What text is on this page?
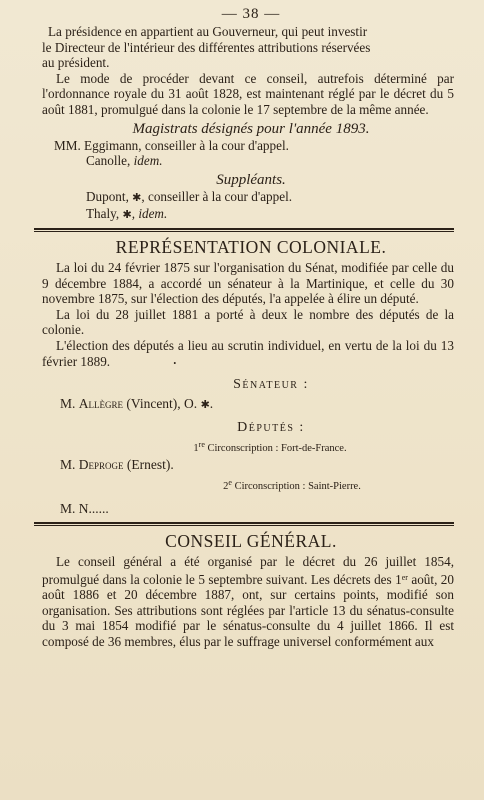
— 38 —

La présidence en appartient au Gouverneur, qui peut investir

le Directeur de l'intérieur des différentes attributions réservées

au président.

Le mode de procéder devant ce conseil, autrefois déterminé par l'ordonnance royale du 31 août 1828, est maintenant réglé par le décret du 5 août 1881, promulgué dans la colonie le 17 septembre de la même année.

Magistrats désignés pour l'année 1893.
MM. Eggimann, conseiller à la cour d'appel.
Canolle, idem.
Suppléants.
Dupont, ✱, conseiller à la cour d'appel.
Thaly, ✱, idem.
REPRÉSENTATION COLONIALE.

La loi du 24 février 1875 sur l'organisation du Sénat, modifiée par celle du 9 décembre 1884, a accordé un sénateur à la Martinique, et celle du 30 novembre 1875, sur l'élection des députés, l'a appelée à élire un député.

La loi du 28 juillet 1881 a porté à deux le nombre des députés de la colonie.

L'élection des députés a lieu au scrutin individuel, en vertu de la loi du 13 février 1889.	•

Sénateur :
M. Allègre (Vincent), O. ✱.
Députés :
1re Circonscription : Fort-de-France.
M. Deproge (Ernest).
2e Circonscription : Saint-Pierre.
M. N......
CONSEIL GÉNÉRAL.

Le conseil général a été organisé par le décret du 26 juillet 1854, promulgué dans la colonie le 5 septembre suivant. Les décrets des 1er août, 20 août 1886 et 20 décembre 1887, ont, sur certains points, modifié son organisation. Ses attributions sont réglées par l'article 13 du sénatus-consulte du 3 mai 1854 modifié par le sénatus-consulte du 4 juillet 1866. Il est composé de 36 membres, élus par le suffrage universel conformément aux
